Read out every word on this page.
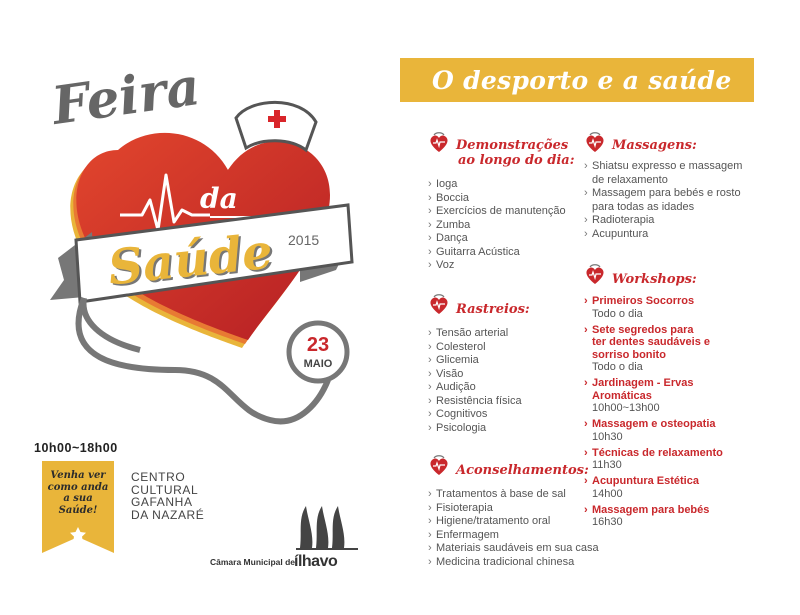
Feira
da
Saúde 2015
23
MAIO
10h00~18h00
Venha ver
como anda
a sua
Saúde!
CENTRO
CULTURAL
GAFANHA
DA NAZARÉ
Câmara Municipal de
ílhavo
O desporto e a saúde
Demonstrações
ao longo do dia:
› Ioga
› Boccia
› Exercícios de manutenção
› Zumba
› Dança
› Guitarra Acústica
› Voz
Rastreios:
› Tensão arterial
› Colesterol
› Glicemia
› Visão
› Audição
› Resistência física
› Cognitivos
› Psicologia
Aconselhamentos:
› Tratamentos à base de sal
› Fisioterapia
› Higiene/tratamento oral
› Enfermagem
› Materiais saudáveis em sua casa
› Medicina tradicional chinesa
Massagens:
› Shiatsu expresso e massagem de relaxamento
› Massagem para bebés e rosto para todas as idades
› Radioterapia
› Acupuntura
Workshops:
› Primeiros Socorros
Todo o dia
› Sete segredos para ter dentes saudáveis e sorriso bonito
Todo o dia
› Jardinagem - Ervas Aromáticas
10h00~13h00
› Massagem e osteopatia
10h30
› Técnicas de relaxamento
11h30
› Acupuntura Estética
14h00
› Massagem para bebés
16h30
